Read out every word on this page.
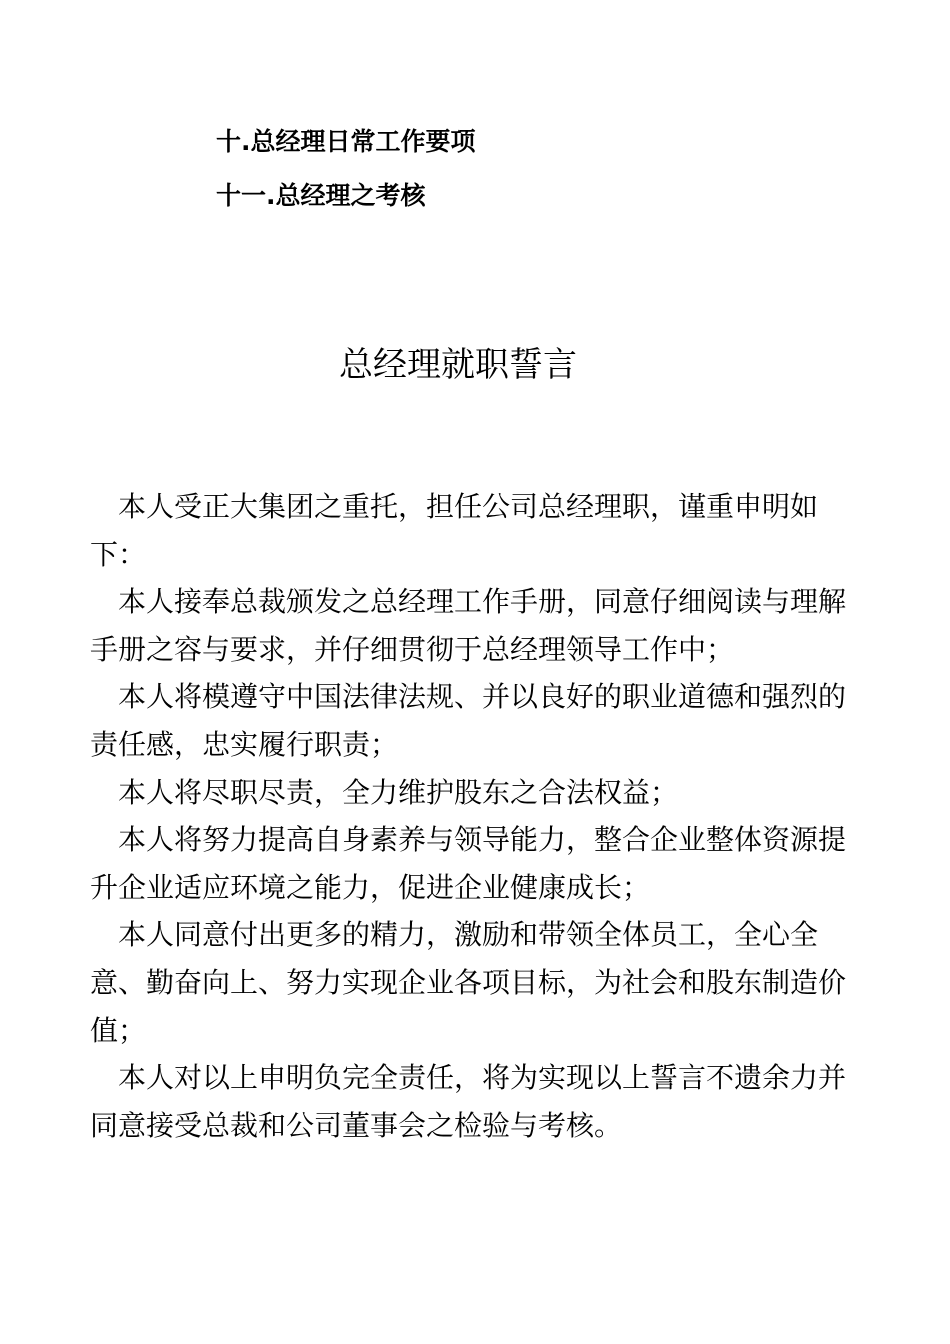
十.总经理日常工作要项
十一.总经理之考核
总经理就职誓言

本人受正大集团之重托，担任公司总经理职，谨重申明如下：

本人接奉总裁颁发之总经理工作手册，同意仔细阅读与理解手册之容与要求，并仔细贯彻于总经理领导工作中；

本人将模遵守中国法律法规、并以良好的职业道德和强烈的责任感，忠实履行职责；

本人将尽职尽责，全力维护股东之合法权益；

本人将努力提高自身素养与领导能力，整合企业整体资源提升企业适应环境之能力，促进企业健康成长；

本人同意付出更多的精力，激励和带领全体员工，全心全意、勤奋向上、努力实现企业各项目标，为社会和股东制造价值；

本人对以上申明负完全责任，将为实现以上誓言不遗余力并同意接受总裁和公司董事会之检验与考核。
